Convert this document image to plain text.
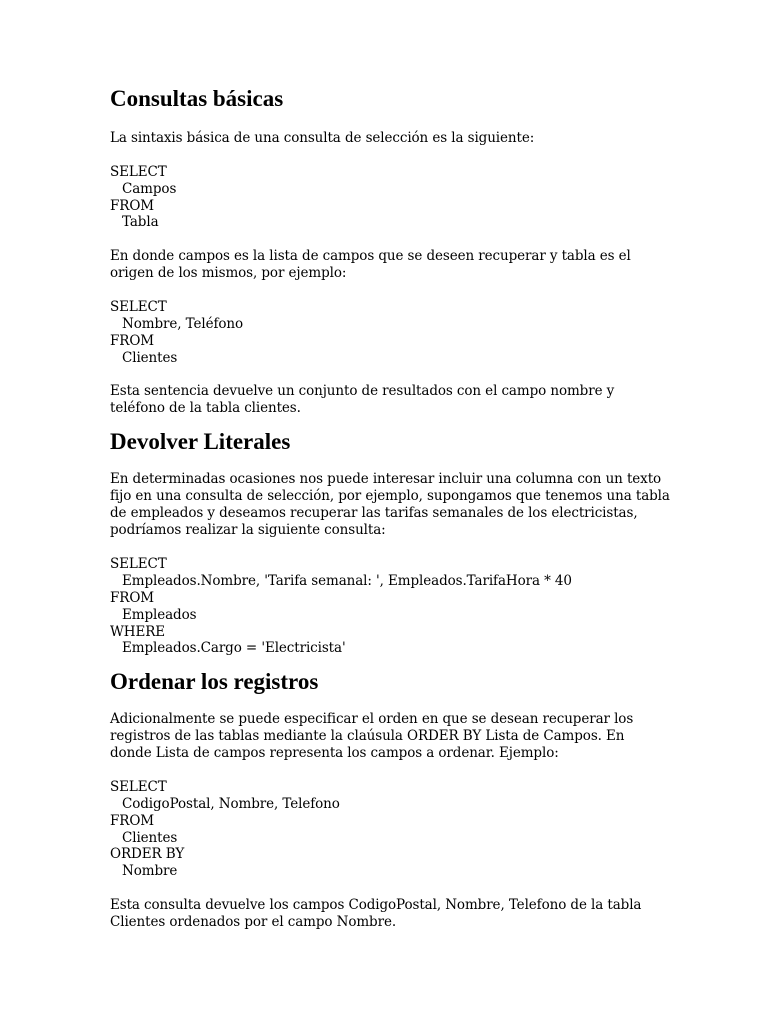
Consultas básicas

La sintaxis básica de una consulta de selección es la siguiente:

SELECT
Campos
FROM
Tabla

En donde campos es la lista de campos que se deseen recuperar y tabla es el origen de los mismos, por ejemplo:

SELECT
Nombre, Teléfono
FROM
Clientes

Esta sentencia devuelve un conjunto de resultados con el campo nombre y teléfono de la tabla clientes.

Devolver Literales

En determinadas ocasiones nos puede interesar incluir una columna con un texto fijo en una consulta de selección, por ejemplo, supongamos que tenemos una tabla de empleados y deseamos recuperar las tarifas semanales de los electricistas, podríamos realizar la siguiente consulta:

SELECT
Empleados.Nombre, 'Tarifa semanal: ', Empleados.TarifaHora * 40
FROM
Empleados
WHERE
Empleados.Cargo = 'Electricista'
Ordenar los registros

Adicionalmente se puede especificar el orden en que se desean recuperar los registros de las tablas mediante la claúsula ORDER BY Lista de Campos. En donde Lista de campos representa los campos a ordenar. Ejemplo:

SELECT
CodigoPostal, Nombre, Telefono
FROM
Clientes
ORDER BY
Nombre

Esta consulta devuelve los campos CodigoPostal, Nombre, Telefono de la tabla Clientes ordenados por el campo Nombre.
